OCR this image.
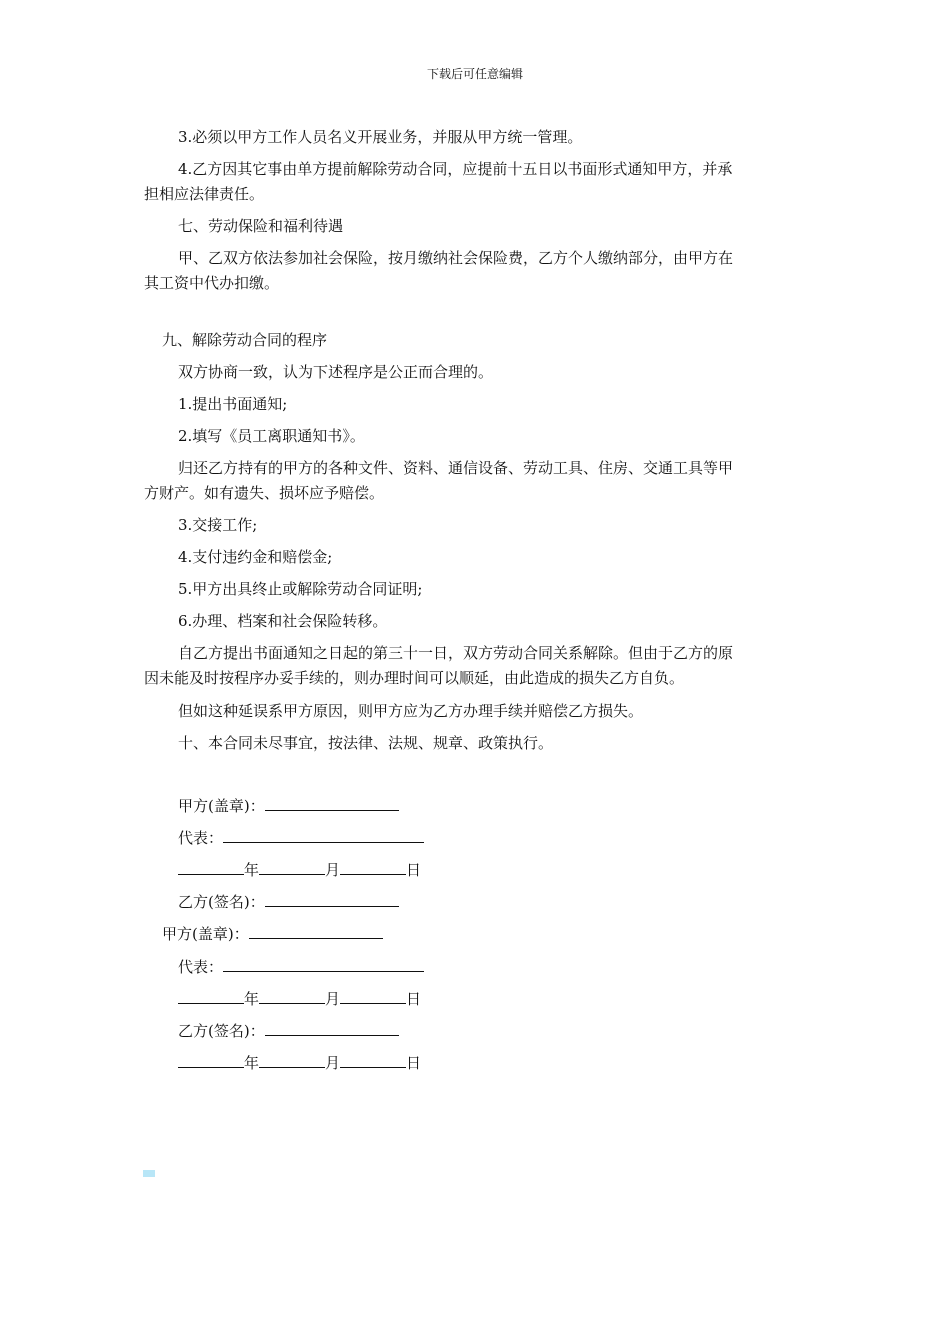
下载后可任意编辑
3.必须以甲方工作人员名义开展业务，并服从甲方统一管理。
4.乙方因其它事由单方提前解除劳动合同，应提前十五日以书面形式通知甲方，并承
担相应法律责任。
七、劳动保险和福利待遇
甲、乙双方依法参加社会保险，按月缴纳社会保险费，乙方个人缴纳部分，由甲方在
其工资中代办扣缴。
九、解除劳动合同的程序
双方协商一致，认为下述程序是公正而合理的。
1.提出书面通知;
2.填写《员工离职通知书》。
归还乙方持有的甲方的各种文件、资料、通信设备、劳动工具、住房、交通工具等甲
方财产。如有遗失、损坏应予赔偿。
3.交接工作;
4.支付违约金和赔偿金;
5.甲方出具终止或解除劳动合同证明;
6.办理、档案和社会保险转移。
自乙方提出书面通知之日起的第三十一日，双方劳动合同关系解除。但由于乙方的原
因未能及时按程序办妥手续的，则办理时间可以顺延，由此造成的损失乙方自负。
但如这种延误系甲方原因，则甲方应为乙方办理手续并赔偿乙方损失。
十、本合同未尽事宜，按法律、法规、规章、政策执行。
甲方(盖章)：
代表：
年	月	日
乙方(签名)：
甲方(盖章)：
代表：
年	月	日
乙方(签名)：
年	月	日
